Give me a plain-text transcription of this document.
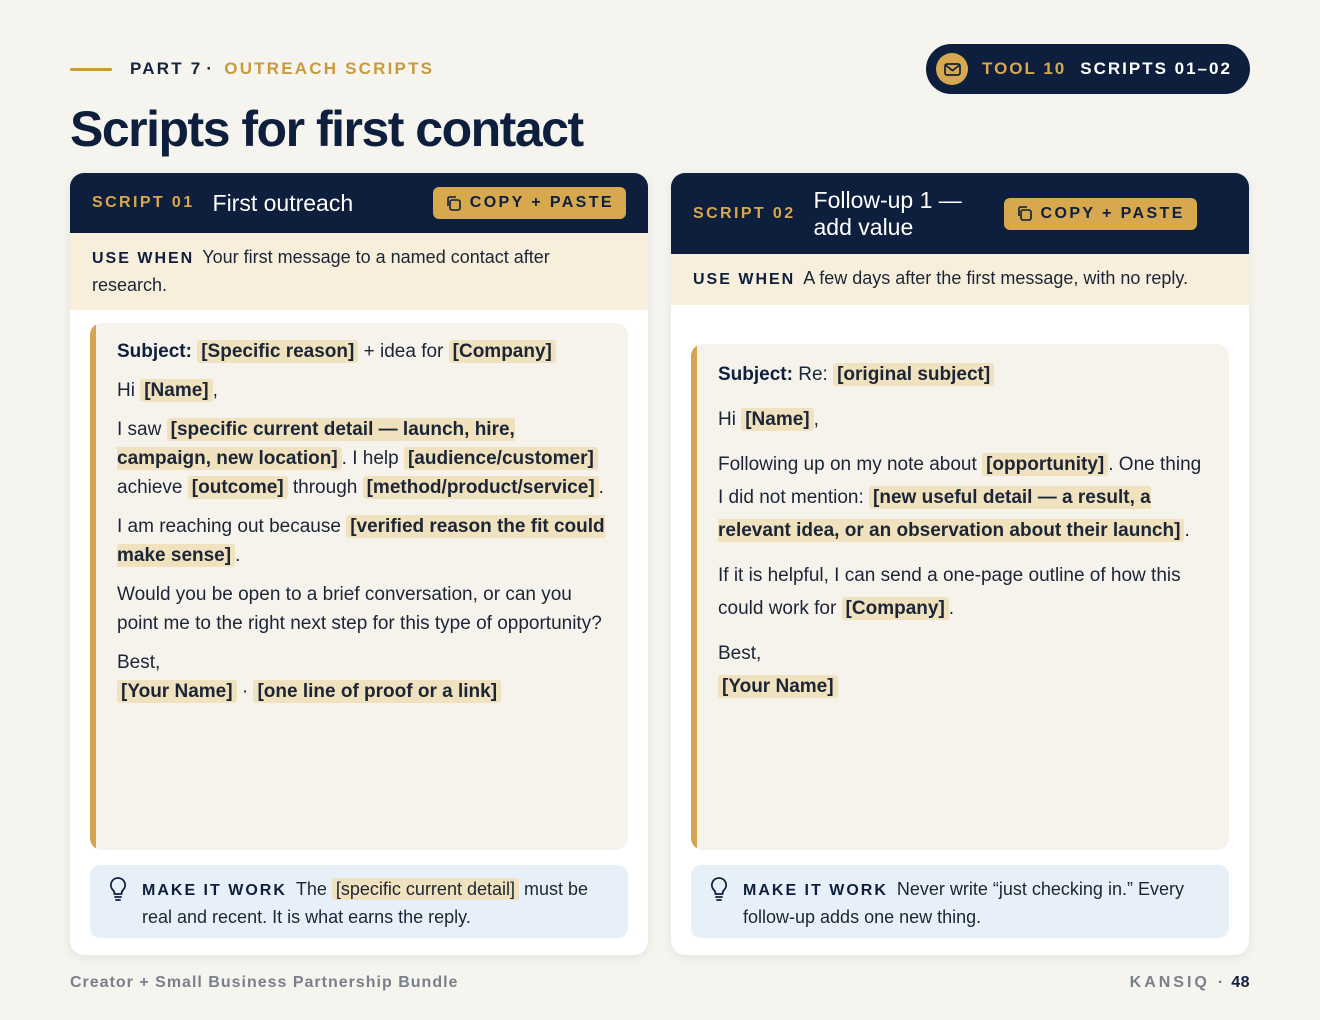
PART 7 · OUTREACH SCRIPTS	TOOL 10 SCRIPTS 01–02
Scripts for first contact
SCRIPT 01 First outreach	COPY + PASTE
USE WHEN Your first message to a named contact after research.

Subject: [Specific reason] + idea for [Company]

Hi [Name] ,

I saw [specific current detail — launch, hire, campaign, new location] . I help [audience/customer] achieve [outcome] through [method/product/service] .

I am reaching out because [verified reason the fit could make sense] .

Would you be open to a brief conversation, or can you point me to the right next step for this type of opportunity?

Best,
[Your Name] · [one line of proof or a link]

MAKE IT WORK The [specific current detail] must be real and recent. It is what earns the reply.
SCRIPT 02
Follow-up 1 — add value
COPY + PASTE
USE WHEN A few days after the first message, with no reply.

Subject: Re: [original subject]

Hi [Name] ,

Following up on my note about [opportunity] . One thing I did not mention: [new useful detail — a result, a relevant idea, or an observation about their launch] .

If it is helpful, I can send a one-page outline of how this could work for [Company] .

Best,
[Your Name]

MAKE IT WORK Never write “just checking in.” Every follow-up adds one new thing.
Creator + Small Business Partnership Bundle	KANSIQ · 48
